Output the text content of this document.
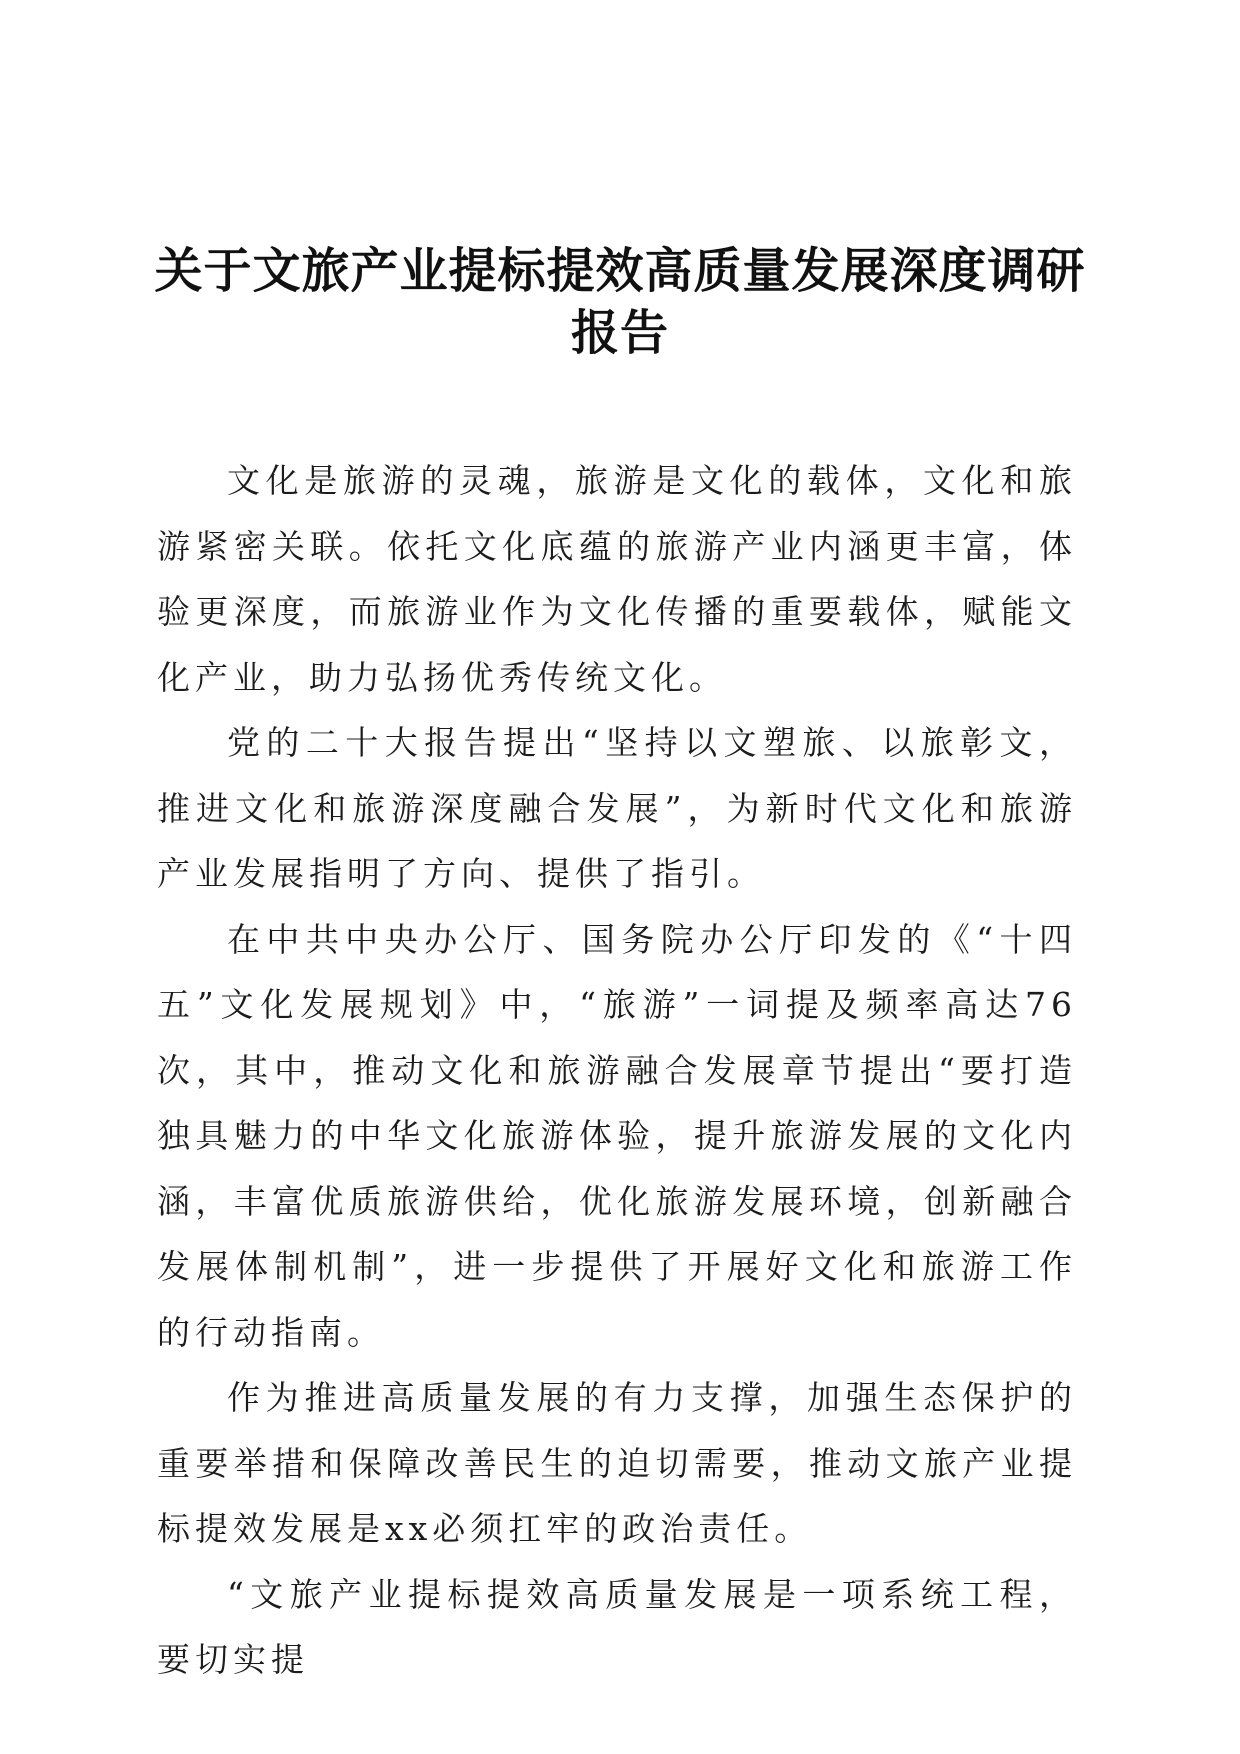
关于文旅产业提标提效高质量发展深度调研报告

文化是旅游的灵魂，旅游是文化的载体，文化和旅游紧密关联。依托文化底蕴的旅游产业内涵更丰富，体验更深度，而旅游业作为文化传播的重要载体，赋能文化产业，助力弘扬优秀传统文化。

党的二十大报告提出“坚持以文塑旅、以旅彰文，推进文化和旅游深度融合发展”，为新时代文化和旅游产业发展指明了方向、提供了指引。

在中共中央办公厅、国务院办公厅印发的《“十四五”文化发展规划》中，“旅游”一词提及频率高达76次，其中，推动文化和旅游融合发展章节提出“要打造独具魅力的中华文化旅游体验，提升旅游发展的文化内涵，丰富优质旅游供给，优化旅游发展环境，创新融合发展体制机制”，进一步提供了开展好文化和旅游工作的行动指南。

作为推进高质量发展的有力支撑，加强生态保护的重要举措和保障改善民生的迫切需要，推动文旅产业提标提效发展是xx必须扛牢的政治责任。

“文旅产业提标提效高质量发展是一项系统工程，要切实提
